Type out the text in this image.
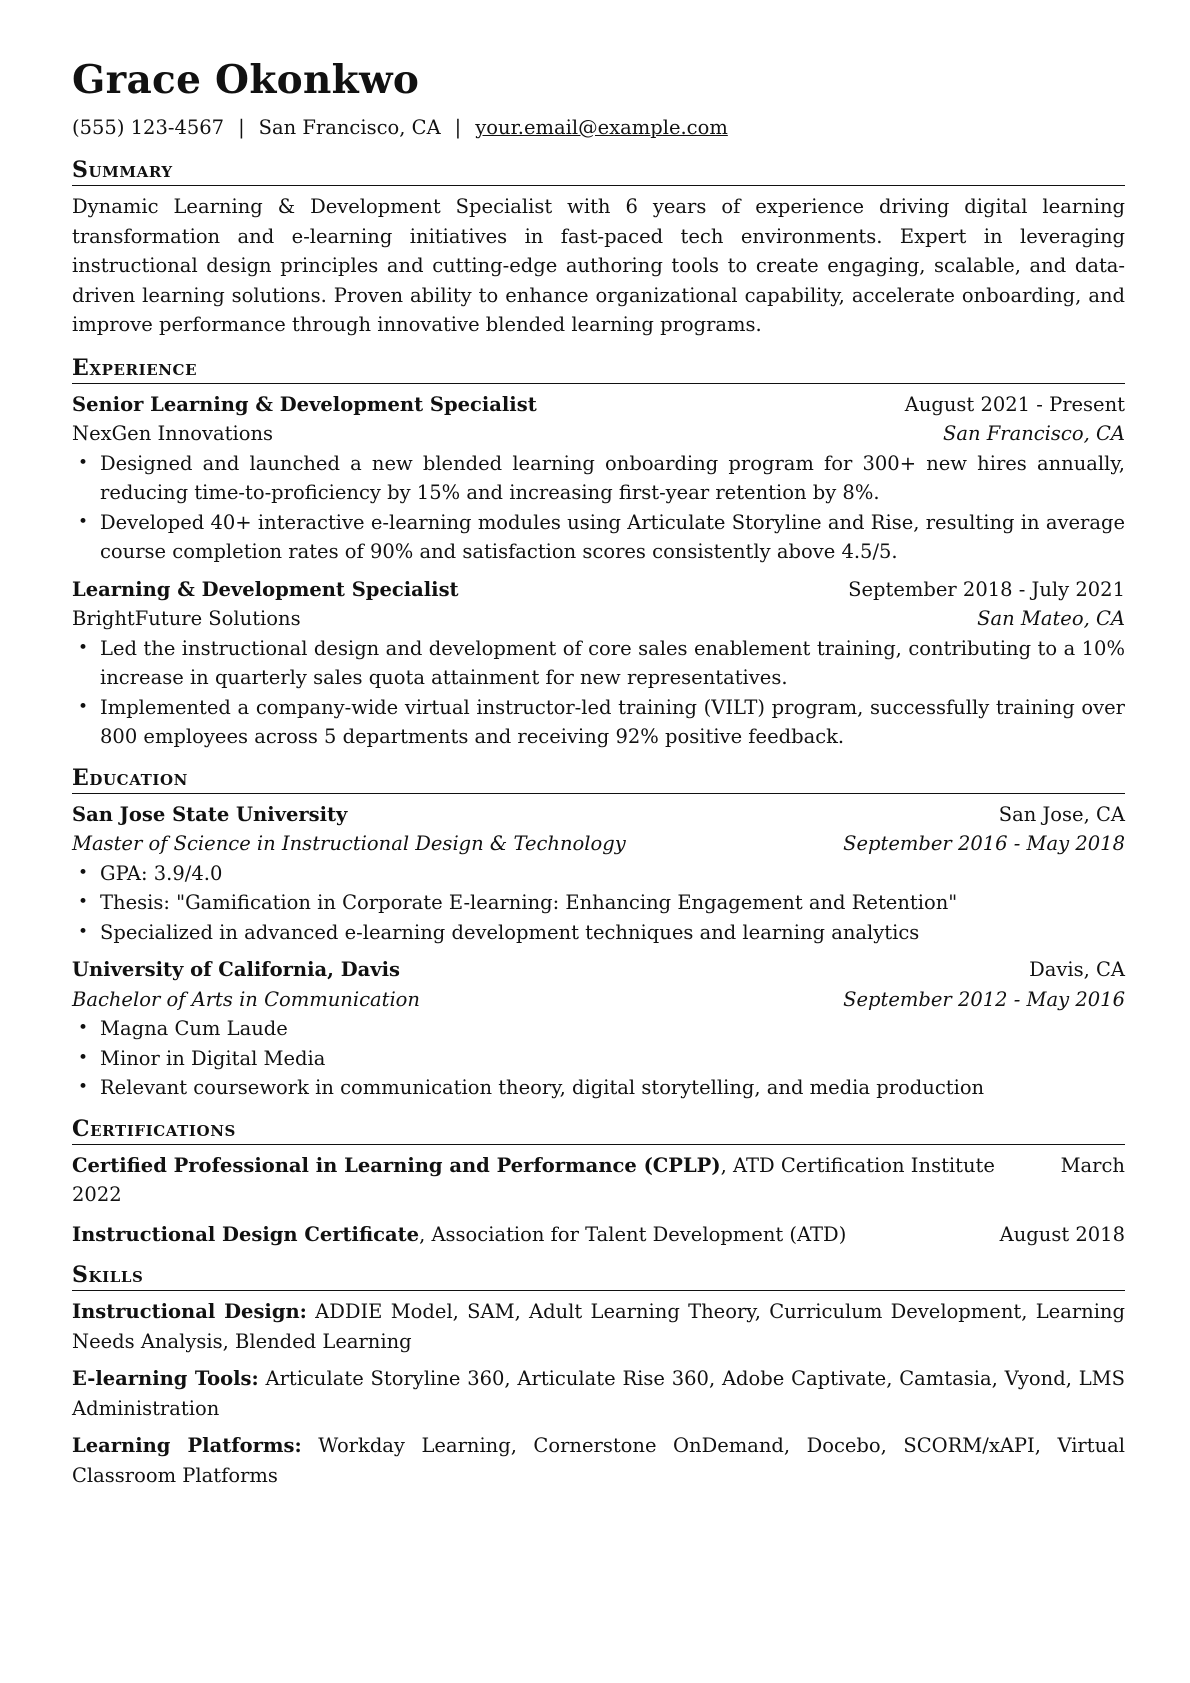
Grace Okonkwo
(555) 123-4567 | San Francisco, CA | your.email@example.com
Summary

Dynamic Learning & Development Specialist with 6 years of experience driving digital learning transformation and e-learning initiatives in fast-paced tech environments. Expert in leveraging instructional design principles and cutting-edge authoring tools to create engaging, scalable, and data-driven learning solutions. Proven ability to enhance organizational capability, accelerate onboarding, and improve performance through innovative blended learning programs.

Experience
Senior Learning & Development Specialist	August 2021 - Present
NexGen Innovations	San Francisco, CA
• Designed and launched a new blended learning onboarding program for 300+ new hires annually, reducing time-to-proficiency by 15% and increasing first-year retention by 8%.
• Developed 40+ interactive e-learning modules using Articulate Storyline and Rise, resulting in average course completion rates of 90% and satisfaction scores consistently above 4.5/5.
Learning & Development Specialist	September 2018 - July 2021
BrightFuture Solutions	San Mateo, CA
• Led the instructional design and development of core sales enablement training, contributing to a 10% increase in quarterly sales quota attainment for new representatives.
• Implemented a company-wide virtual instructor-led training (VILT) program, successfully training over 800 employees across 5 departments and receiving 92% positive feedback.
Education
San Jose State University	San Jose, CA
Master of Science in Instructional Design & Technology	September 2016 - May 2018
• GPA: 3.9/4.0
• Thesis: "Gamification in Corporate E-learning: Enhancing Engagement and Retention"
• Specialized in advanced e-learning development techniques and learning analytics
University of California, Davis	Davis, CA
Bachelor of Arts in Communication	September 2012 - May 2016
• Magna Cum Laude
• Minor in Digital Media
• Relevant coursework in communication theory, digital storytelling, and media production
Certifications
Certified Professional in Learning and Performance (CPLP), ATD Certification Institute	March
2022
Instructional Design Certificate, Association for Talent Development (ATD)	August 2018
Skills

Instructional Design: ADDIE Model, SAM, Adult Learning Theory, Curriculum Development, Learning Needs Analysis, Blended Learning

E-learning Tools: Articulate Storyline 360, Articulate Rise 360, Adobe Captivate, Camtasia, Vyond, LMS Administration

Learning Platforms: Workday Learning, Cornerstone OnDemand, Docebo, SCORM/xAPI, Virtual Classroom Platforms
